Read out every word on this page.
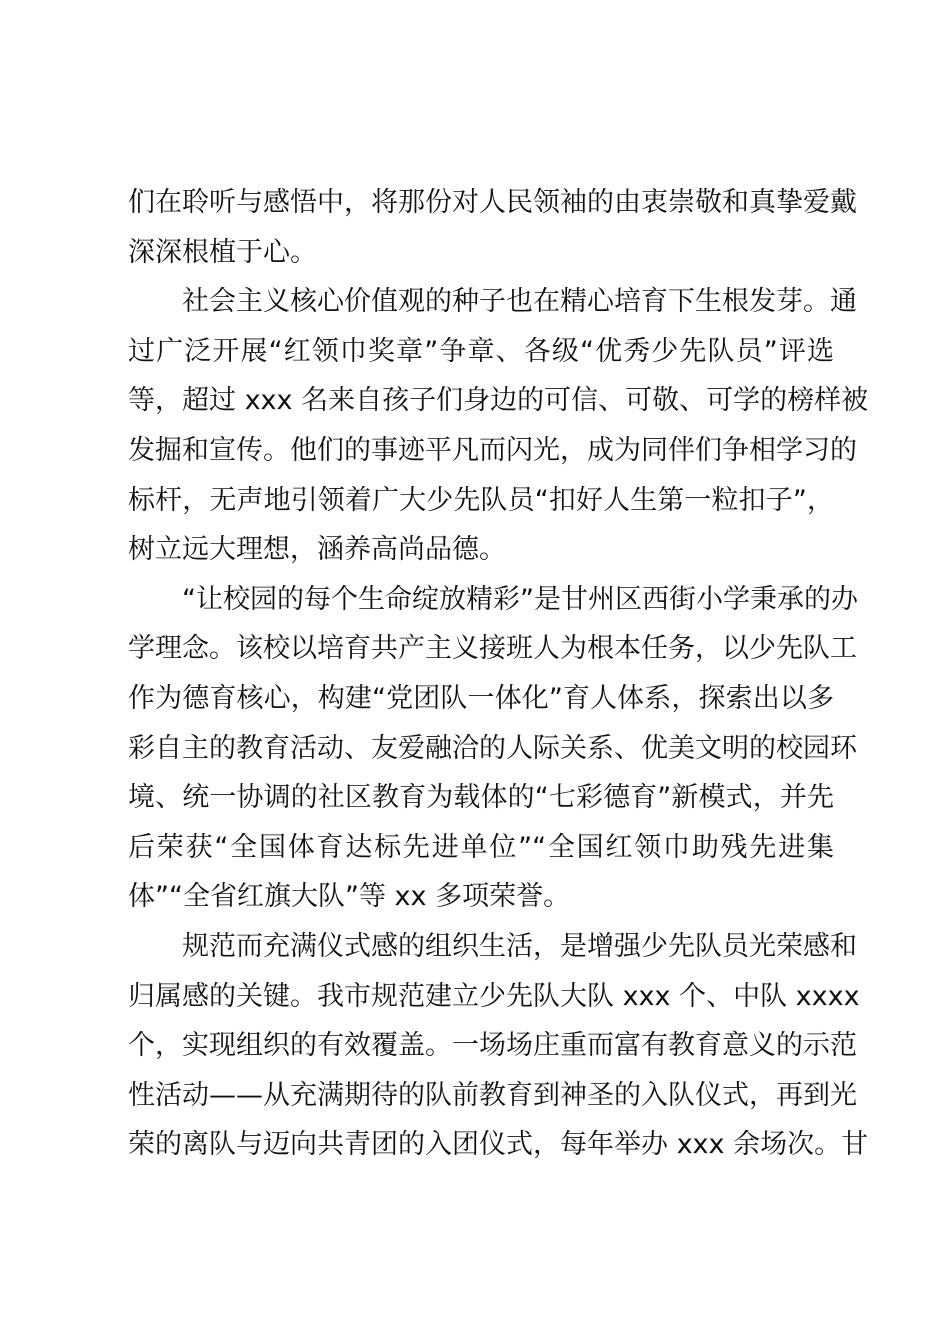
们在聆听与感悟中，将那份对人民领袖的由衷崇敬和真挚爱戴
深深根植于心。
社会主义核心价值观的种子也在精心培育下生根发芽。通
过广泛开展“红领巾奖章”争章、各级“优秀少先队员”评选
等，超过 xxx 名来自孩子们身边的可信、可敬、可学的榜样被
发掘和宣传。他们的事迹平凡而闪光，成为同伴们争相学习的
标杆，无声地引领着广大少先队员“扣好人生第一粒扣子”，
树立远大理想，涵养高尚品德。
“让校园的每个生命绽放精彩”是甘州区西街小学秉承的办
学理念。该校以培育共产主义接班人为根本任务，以少先队工
作为德育核心，构建“党团队一体化”育人体系，探索出以多
彩自主的教育活动、友爱融洽的人际关系、优美文明的校园环
境、统一协调的社区教育为载体的“七彩德育”新模式，并先
后荣获“全国体育达标先进单位”“全国红领巾助残先进集
体”“全省红旗大队”等 xx 多项荣誉。
规范而充满仪式感的组织生活，是增强少先队员光荣感和
归属感的关键。我市规范建立少先队大队 xxx 个、中队 xxxx
个，实现组织的有效覆盖。一场场庄重而富有教育意义的示范
性活动——从充满期待的队前教育到神圣的入队仪式，再到光
荣的离队与迈向共青团的入团仪式，每年举办 xxx 余场次。甘
